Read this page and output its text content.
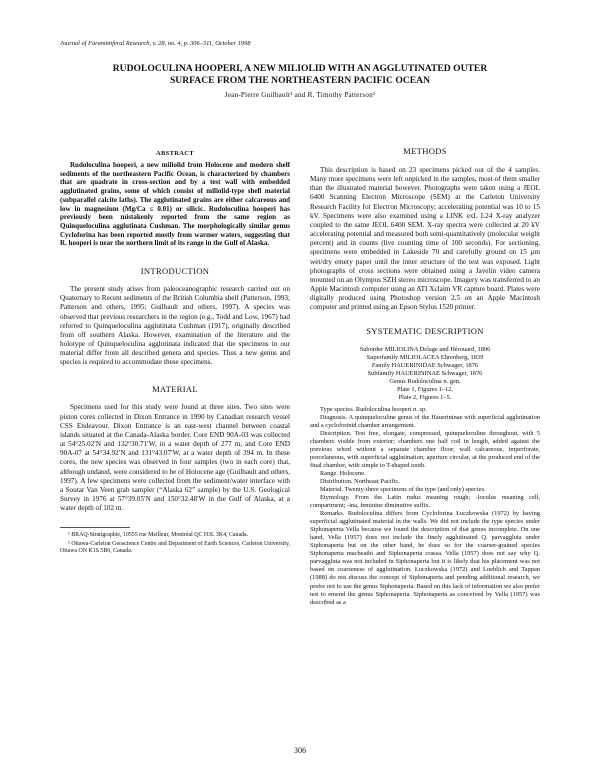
Journal of Foraminiferal Research, v. 28, no. 4, p. 306–311, October 1998
RUDOLOCULINA HOOPERI, A NEW MILIOLID WITH AN AGGLUTINATED OUTER
SURFACE FROM THE NORTHEASTERN PACIFIC OCEAN
Jean-Pierre Guilbault¹ and R. Timothy Patterson²
ABSTRACT

Rudoloculina hooperi, a new miliolid from Holocene and modern shelf sediments of the northeastern Pacific Ocean, is characterized by chambers that are quadrate in cross-section and by a test wall with embedded agglutinated grains, some of which consist of miliolid-type shell material (subparallel calcite laths). The agglutinated grains are either calcareous and low in magnesium (Mg/Ca ≤ 0.01) or silicic. Rudoloculina hooperi has previously been mistakenly reported from the same region as Quinqueloculina agglutinata Cushman. The morphologically similar genus Cycloforina has been reported mostly from warmer waters, suggesting that R. hooperi is near the northern limit of its range in the Gulf of Alaska.

INTRODUCTION

The present study arises from paleoceanographic research carried out on Quaternary to Recent sediments of the British Columbia shelf (Patterson, 1993; Patterson and others, 1995; Guilbault and others, 1997). A species was observed that previous researchers in the region (e.g., Todd and Low, 1967) had referred to Quinqueloculina agglutinata Cushman (1917), originally described from off southern Alaska. However, examination of the literature and the holotype of Quinqueloculina agglutinata indicated that the specimens in our material differ from all described genera and species. Thus a new genus and species is required to accommodate these specimens.

MATERIAL

Specimens used for this study were found at three sites. Two sites were piston cores collected in Dixon Entrance in 1990 by Canadian research vessel CSS Endeavour. Dixon Entrance is an east-west channel between coastal islands situated at the Canada-Alaska border. Core END 90A-03 was collected at 54°25.02′N and 132°30.71′W, in a water depth of 277 m, and Core END 90A-07 at 54°34.92′N and 131°43.07′W, at a water depth of 394 m. In these cores, the new species was observed in four samples (two in each core) that, although undated, were considered to be of Holocene age (Guilbault and others, 1997). A few specimens were collected from the sediment/water interface with a Soutar Van Veen grab sampler (“Alaska 62” sample) by the U.S. Geological Survey in 1976 at 57°39.05′N and 150°32.48′W in the Gulf of Alaska, at a water depth of 102 m.

¹ BRAQ-Stratigraphie, 10555 rue Meilleur, Montréal QC H3L 3K4, Canada.

² Ottawa-Carleton Geoscience Centre and Department of Earth Sciences, Carleton University, Ottawa ON K1S 5B6, Canada.

METHODS

This description is based on 23 specimens picked out of the 4 samples. Many more specimens were left unpicked in the samples, most of them smaller than the illustrated material however. Photographs were taken using a JEOL 6400 Scanning Electron Microscope (SEM) at the Carleton University Research Facility for Electron Microscopy; accelerating potential was 10 to 15 kV. Specimens were also examined using a LINK exL L24 X-ray analyzer coupled to the same JEOL 6400 SEM. X-ray spectra were collected at 20 kV accelerating potential and measured both semi-quantitatively (molecular weight percent) and in counts (live counting time of 100 seconds). For sectioning, specimens were embedded in Lakeside 70 and carefully ground on 15 µm wet/dry emery paper until the inner structure of the test was exposed. Light photographs of cross sections were obtained using a Javelin video camera mounted on an Olympus SZH stereo microscope. Imagery was transferred to an Apple Macintosh computer using an ATI Xclaim VR capture board. Plates were digitally produced using Photoshop version 2.5 on an Apple Macintosh computer and printed using an Epson Stylus 1520 printer.

SYSTEMATIC DESCRIPTION
Suborder MILIOLINA Delage and Hérouard, 1896
Superfamily MILIOLACEA Ehrenberg, 1839
Family HAUERINIDAE Schwager, 1876
Subfamily HAUERININAE Schwager, 1876
Genus Rudoloculina n. gen.
Plate 1, Figures 1–12,
Plate 2, Figures 1–5.

Type species. Rudoloculina hooperi n. sp.

Diagnosis. A quinqueloculine genus of the Hauerininae with superficial agglutination and a cycloforinid chamber arrangement.

Description. Test free, elongate, compressed, quinqueloculine throughout, with 5 chambers visible from exterior; chambers one half coil in length, added against the previous whorl without a separate chamber floor; wall calcareous, imperforate, porcelaneous, with superficial agglutination; aperture circular, at the produced end of the final chamber, with simple to T-shaped tooth.

Range. Holocene.

Distribution. Northeast Pacific.

Material. Twenty-three specimens of the type (and only) species.

Etymology. From the Latin rudus meaning rough; -loculus meaning cell, compartment; -ina, feminine diminutive suffix.

Remarks. Rudoloculina differs from Cycloforina Łuczkowska (1972) by having superficial agglutinated material in the walls. We did not include the type species under Siphonaperta Vella because we found the description of that genus incomplete. On one hand, Vella (1957) does not include the finely agglutinated Q. parvaggluta under Siphonaperta but on the other hand, he does so for the coarser-grained species Siphonaperta macbeathi and Siphonaperta crassa. Vella (1957) does not say why Q. parvaggluta was not included in Siphonaperta but it is likely that his placement was not based on coarseness of agglutination. Łuczkowska (1972) and Loeblich and Tappan (1988) do not discuss the concept of Siphonaperta and pending additional research, we prefer not to use the genus Siphonaperta. Based on this lack of information we also prefer not to emend the genus Siphonaperta. Siphonaperta as conceived by Vella (1957) was described as a

306
